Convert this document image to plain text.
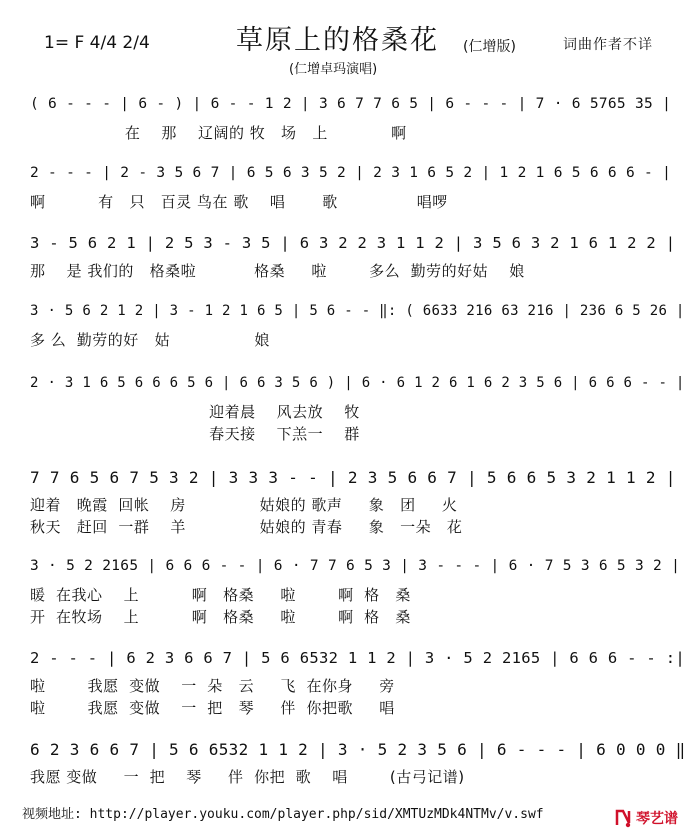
1= F 4/4 2/4	草原上的格桑花 (仁增版)	词曲作者不详
(仁增卓玛演唱)
( 6 - - - | 6 - ) | 6 - - 1 2 | 3 6 7 7 6 5 | 6 - - - | 7 · 6 5765 35 |
在    那    辽阔的 牧   场   上            啊
2 - - - | 2 - 3 5 6 7 | 6 5 6 3 5 2 | 2 3 1 6 5 2 | 1 2 1 6 5 6 6 6 - |
啊          有   只   百灵 鸟在 歌    唱       歌               唱啰
3 - 5 6 2 1 | 2 5 3 - 3 5 | 6 3 2 2 3 1 1 2 | 3 5 6 3 2 1 6 1 2 2 |
那    是 我们的   格桑啦           格桑     啦        多么  勤劳的好姑    娘
3 · 5 6 2 1 2 | 3 - 1 2 1 6 5 | 5 6 - - ‖: ( 6633 216 63 216 | 236 6 5 26 |
多 么  勤劳的好   姑                娘
2 · 3 1 6 5 6 6 6 5 6 | 6 6 3 5 6 ) | 6 · 6 1 2 6 1 6 2 3 5 6 | 6 6 6 - - |
迎着晨    风去放    牧
春天接    下羔一    群
7 7 6 5 6 7 5 3 2 | 3 3 3 - - | 2 3 5 6 6 7 | 5 6 6 5 3 2 1 1 2 |
迎着   晚霞  回帐    房              姑娘的 歌声     象   团     火
秋天   赶回  一群    羊              姑娘的 青春     象   一朵   花
3 · 5 2 2165 | 6 6 6 - - | 6 · 7 7 6 5 3 | 3 - - - | 6 · 7 5 3 6 5 3 2 |
暖  在我心    上          啊   格桑     啦        啊  格   桑
开  在牧场    上          啊   格桑     啦        啊  格   桑
2 - - - | 6 2 3 6 6 7 | 5 6 6532 1 1 2 | 3 · 5 2 2165 | 6 6 6 - - :|
啦        我愿  变做    一  朵   云     飞  在你身     旁
啦        我愿  变做    一  把   琴     伴  你把歌     唱
6 2 3 6 6 7 | 5 6 6532 1 1 2 | 3 · 5 2 3 5 6 | 6 - - - | 6 0 0 0 ‖
我愿 变做     一  把    琴     伴  你把  歌    唱        (古弓记谱)
视频地址: http://player.youku.com/player.php/sid/XMTUzMDk4NTMv/v.swf	琴艺谱
